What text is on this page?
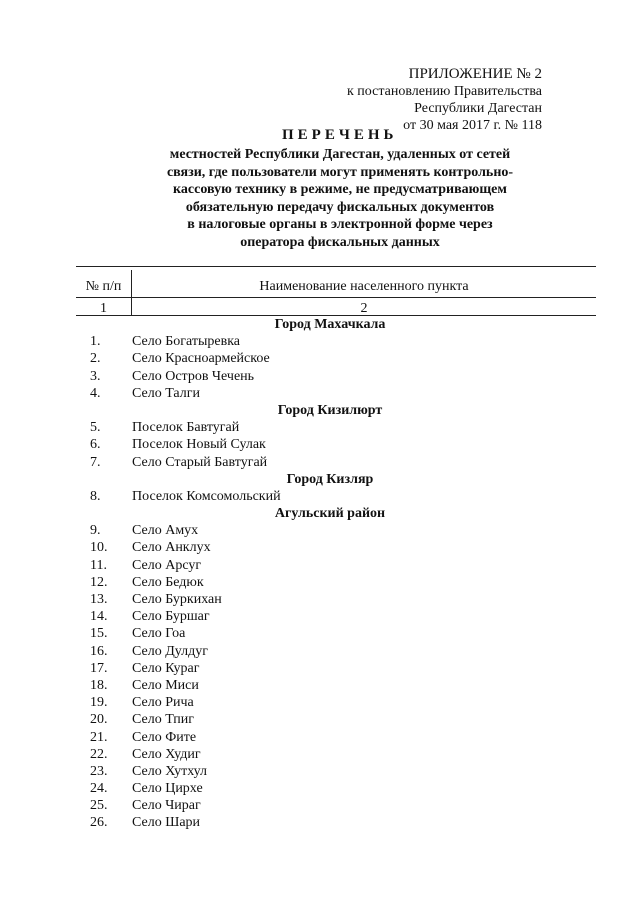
ПРИЛОЖЕНИЕ № 2
к постановлению Правительства
Республики Дагестан
от 30 мая 2017 г. № 118
ПЕРЕЧЕНЬ
местностей Республики Дагестан, удаленных от сетей
связи, где пользователи могут применять контрольно-
кассовую технику в режиме, не предусматривающем
обязательную передачу фискальных документов
в налоговые органы в электронной форме через
оператора фискальных данных
№ п/п
1
Наименование населенного пункта
2
Город Махачкала
1. Село Богатыревка
2. Село Красноармейское
3. Село Остров Чечень
4. Село Талги
Город Кизилюрт
5. Поселок Бавтугай
6. Поселок Новый Сулак
7. Село Старый Бавтугай
Город Кизляр
8. Поселок Комсомольский
Агульский район
9. Село Амух
10. Село Анклух
11. Село Арсуг
12. Село Бедюк
13. Село Буркихан
14. Село Буршаг
15. Село Гоа
16. Село Дулдуг
17. Село Кураг
18. Село Миси
19. Село Рича
20. Село Тпиг
21. Село Фите
22. Село Худиг
23. Село Хутхул
24. Село Цирхе
25. Село Чираг
26. Село Шари
